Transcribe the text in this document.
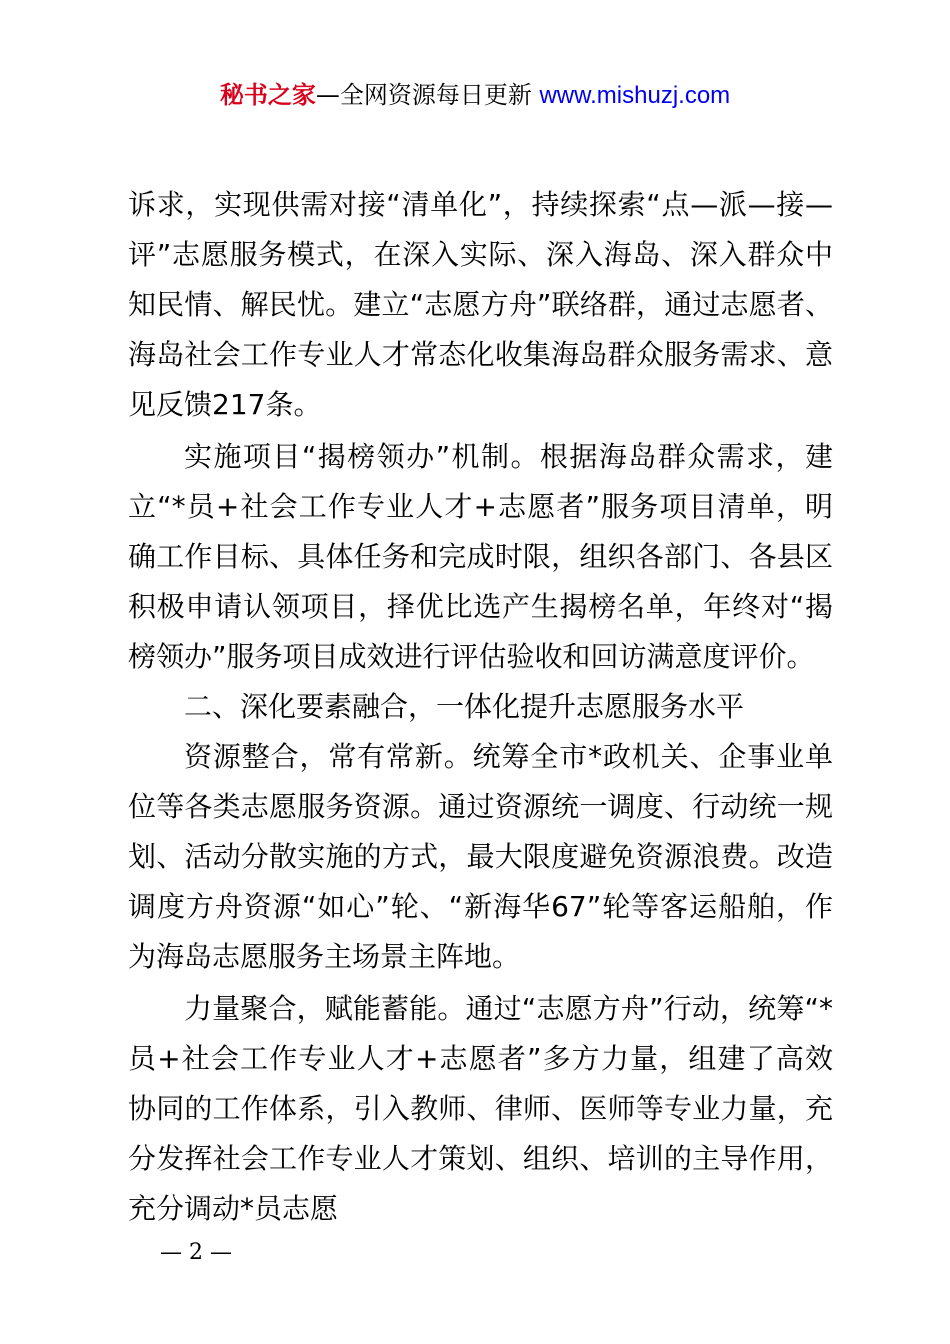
秘书之家—全网资源每日更新 www.mishuzj.com

诉求，实现供需对接“清单化”，持续探索“点—派—接—评”志愿服务模式，在深入实际、深入海岛、深入群众中知民情、解民忧。建立“志愿方舟”联络群，通过志愿者、海岛社会工作专业人才常态化收集海岛群众服务需求、意见反馈217条。

实施项目“揭榜领办”机制。根据海岛群众需求，建立“*员+社会工作专业人才+志愿者”服务项目清单，明确工作目标、具体任务和完成时限，组织各部门、各县区积极申请认领项目，择优比选产生揭榜名单，年终对“揭榜领办”服务项目成效进行评估验收和回访满意度评价。

二、深化要素融合，一体化提升志愿服务水平

资源整合，常有常新。统筹全市*政机关、企事业单位等各类志愿服务资源。通过资源统一调度、行动统一规划、活动分散实施的方式，最大限度避免资源浪费。改造调度方舟资源“如心”轮、“新海华67”轮等客运船舶，作为海岛志愿服务主场景主阵地。

力量聚合，赋能蓄能。通过“志愿方舟”行动，统筹“*员+社会工作专业人才+志愿者”多方力量，组建了高效协同的工作体系，引入教师、律师、医师等专业力量，充分发挥社会工作专业人才策划、组织、培训的主导作用，充分调动*员志愿

— 2 —
